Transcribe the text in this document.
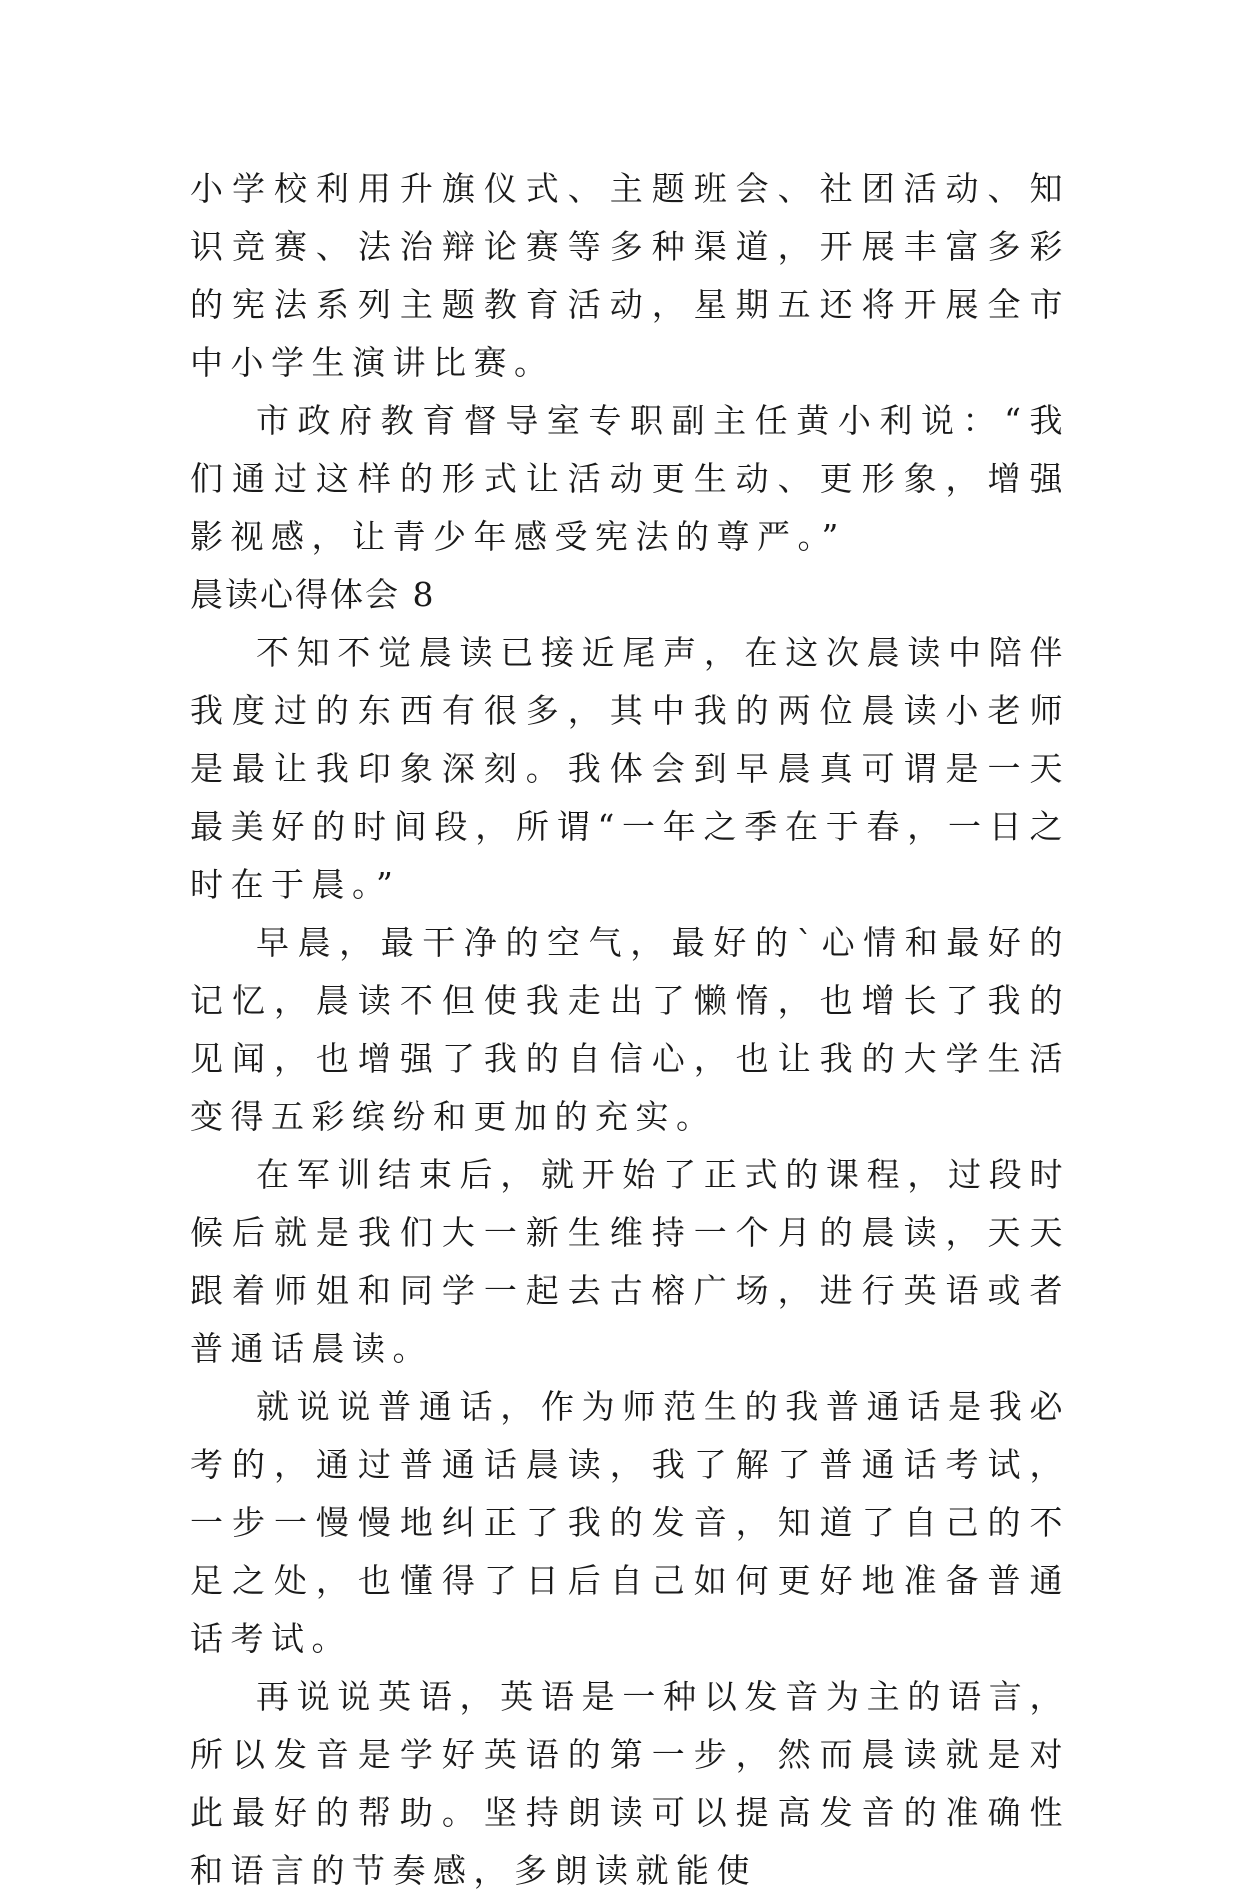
小学校利用升旗仪式、主题班会、社团活动、知识竞赛、法治辩论赛等多种渠道，开展丰富多彩的宪法系列主题教育活动，星期五还将开展全市中小学生演讲比赛。

市政府教育督导室专职副主任黄小利说：“我们通过这样的形式让活动更生动、更形象，增强影视感，让青少年感受宪法的尊严。”

晨读心得体会 8

不知不觉晨读已接近尾声，在这次晨读中陪伴我度过的东西有很多，其中我的两位晨读小老师是最让我印象深刻。我体会到早晨真可谓是一天最美好的时间段，所谓“一年之季在于春，一日之时在于晨。”

早晨，最干净的空气，最好的`心情和最好的记忆，晨读不但使我走出了懒惰，也增长了我的见闻，也增强了我的自信心，也让我的大学生活变得五彩缤纷和更加的充实。

在军训结束后，就开始了正式的课程，过段时候后就是我们大一新生维持一个月的晨读，天天跟着师姐和同学一起去古榕广场，进行英语或者普通话晨读。

就说说普通话，作为师范生的我普通话是我必考的，通过普通话晨读，我了解了普通话考试，一步一慢慢地纠正了我的发音，知道了自己的不足之处，也懂得了日后自己如何更好地准备普通话考试。

再说说英语，英语是一种以发音为主的语言，所以发音是学好英语的第一步，然而晨读就是对此最好的帮助。坚持朗读可以提高发音的准确性和语言的节奏感，多朗读就能使
